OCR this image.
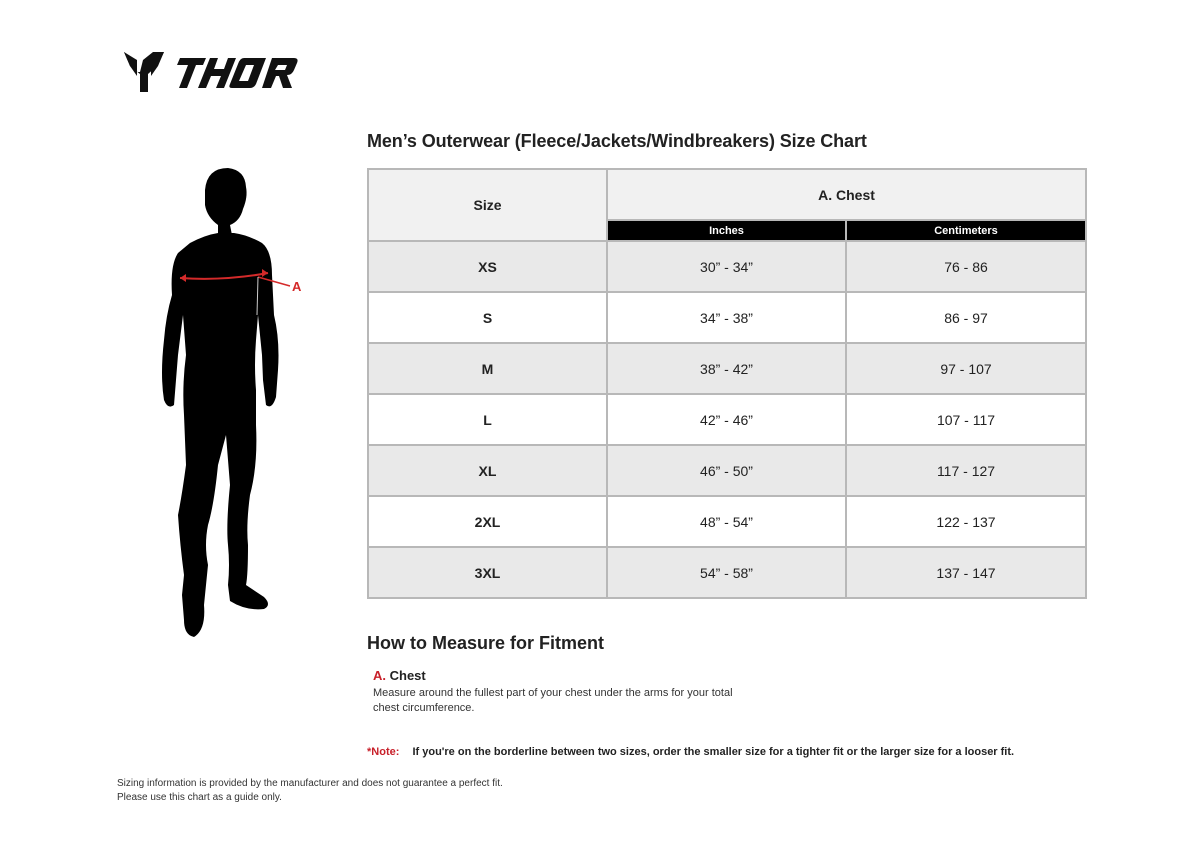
A
Men’s Outerwear (Fleece/Jackets/Windbreakers) Size Chart
Size	A. Chest	
	Inches	Centimeters
XS	30” - 34”	76 - 86
S	34” - 38”	86 - 97
M	38” - 42”	97 - 107
L	42” - 46”	107 - 117
XL	46” - 50”	117 - 127
2XL	48” - 54”	122 - 137
3XL	54” - 58”	137 - 147
How to Measure for Fitment
A. Chest
Measure around the fullest part of your chest under the arms for your total chest circumference.
*Note: If you're on the borderline between two sizes, order the smaller size for a tighter fit or the larger size for a looser fit.
Sizing information is provided by the manufacturer and does not guarantee a perfect fit.
Please use this chart as a guide only.
